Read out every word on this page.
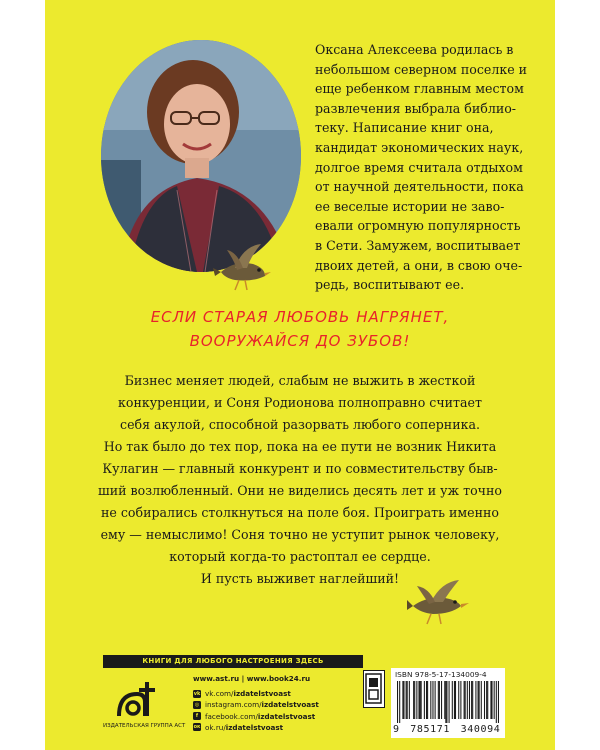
Оксана Алексеева родилась в
небольшом северном поселке и
еще ребенком главным местом
развлечения выбрала библио-
теку. Написание книг она,
кандидат экономических наук,
долгое время считала отдыхом
от научной деятельности, пока
ее веселые истории не заво-
евали огромную популярность
в Сети. Замужем, воспитывает
двоих детей, а они, в свою оче-
редь, воспитывают ее.
ЕСЛИ СТАРАЯ ЛЮБОВЬ НАГРЯНЕТ,
ВООРУЖАЙСЯ ДО ЗУБОВ!
Бизнес меняет людей, слабым не выжить в жесткой
конкуренции, и Соня Родионова полноправно считает
себя акулой, способной разорвать любого соперника.
Но так было до тех пор, пока на ее пути не возник Никита
Кулагин — главный конкурент и по совместительству быв-
ший возлюбленный. Они не виделись десять лет и уж точно
не собирались столкнуться на поле боя. Проиграть именно
ему — немыслимо! Соня точно не уступит рынок человеку,
который когда-то растоптал ее сердце.
И пусть выживет наглейший!
КНИГИ ДЛЯ ЛЮБОГО НАСТРОЕНИЯ ЗДЕСЬ
ИЗДАТЕЛЬСКАЯ ГРУППА АСТ
www.ast.ru | www.book24.ru
vk vk.com/ izdatelstvoast
◎ instagram.com/ izdatelstvoast
f facebook.com/ izdatelstvoast
ок ok.ru/ izdatelstvoast
ISBN 978-5-17-134009-4
9 785171 340094
